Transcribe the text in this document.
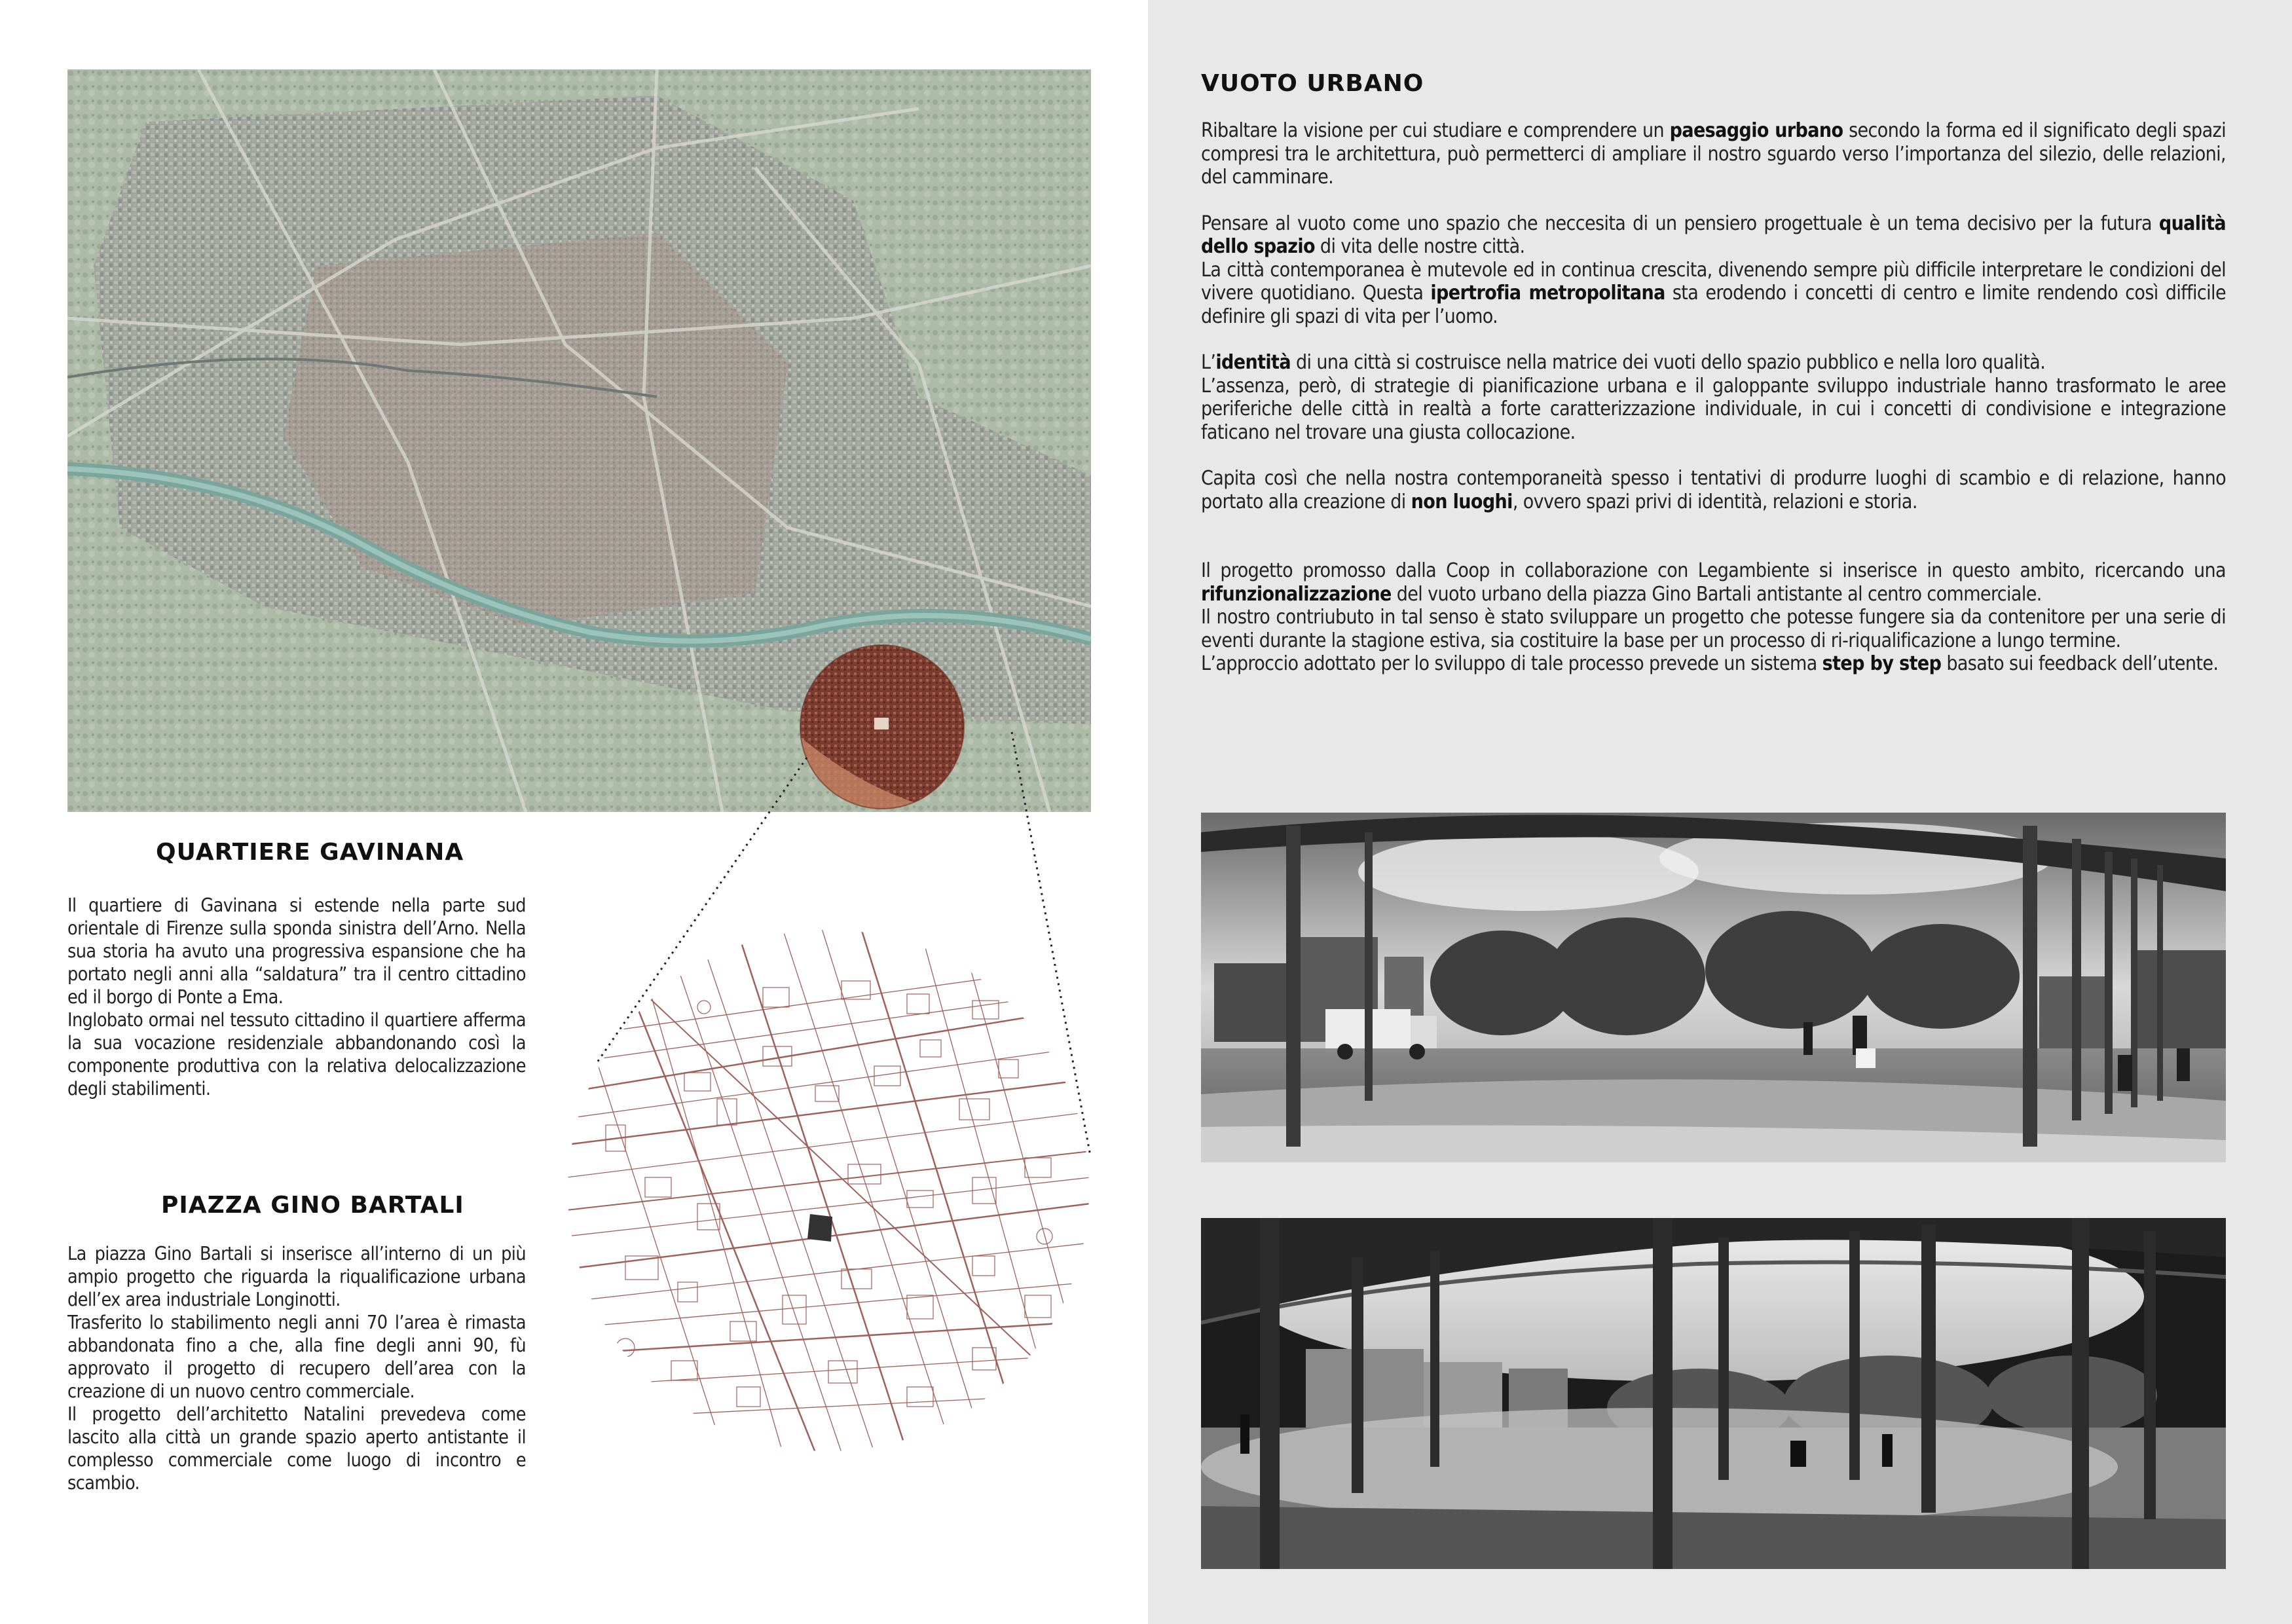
QUARTIERE GAVINANA
Il quartiere di Gavinana si estende nella parte sud orientale di Firenze sulla sponda sinistra dell’Arno. Nella sua storia ha avuto una progressiva espansione che ha portato negli anni alla “saldatura” tra il centro cittadino ed il borgo di Ponte a Ema.
Inglobato ormai nel tessuto cittadino il quartiere afferma la sua vocazione residenziale abbandonando così la componente produttiva con la relativa delocalizzazione degli stabilimenti.
PIAZZA GINO BARTALI
La piazza Gino Bartali si inserisce all’interno di un più ampio progetto che riguarda la riqualificazione urbana dell’ex area industriale Longinotti.
Trasferito lo stabilimento negli anni 70 l’area è rimasta abbandonata fino a che, alla fine degli anni 90, fù approvato il progetto di recupero dell’area con la creazione di un nuovo centro commerciale.
Il progetto dell’architetto Natalini prevedeva come lascito alla città un grande spazio aperto antistante il complesso commerciale come luogo di incontro e scambio.
VUOTO URBANO
Ribaltare la visione per cui studiare e comprendere un paesaggio urbano secondo la forma ed il significato degli spazi compresi tra le architettura, può permetterci di ampliare il nostro sguardo verso l’importanza del silezio, delle relazioni, del camminare.
Pensare al vuoto come uno spazio che neccesita di un pensiero progettuale è un tema decisivo per la futura qualità dello spazio di vita delle nostre città.
La città contemporanea è mutevole ed in continua crescita, divenendo sempre più difficile interpretare le condizioni del vivere quotidiano. Questa ipertrofia metropolitana sta erodendo i concetti di centro e limite rendendo così difficile definire gli spazi di vita per l’uomo.
L’identità di una città si costruisce nella matrice dei vuoti dello spazio pubblico e nella loro qualità.
L’assenza, però, di strategie di pianificazione urbana e il galoppante sviluppo industriale hanno trasformato le aree periferiche delle città in realtà a forte caratterizzazione individuale, in cui i concetti di condivisione e integrazione faticano nel trovare una giusta collocazione.
Capita così che nella nostra contemporaneità spesso i tentativi di produrre luoghi di scambio e di relazione, hanno portato alla creazione di non luoghi, ovvero spazi privi di identità, relazioni e storia.
Il progetto promosso dalla Coop in collaborazione con Legambiente si inserisce in questo ambito, ricercando una rifunzionalizzazione del vuoto urbano della piazza Gino Bartali antistante al centro commerciale.
Il nostro contriubuto in tal senso è stato sviluppare un progetto che potesse fungere sia da contenitore per una serie di eventi durante la stagione estiva, sia costituire la base per un processo di ri-riqualificazione a lungo termine.
L’approccio adottato per lo sviluppo di tale processo prevede un sistema step by step basato sui feedback dell’utente.
